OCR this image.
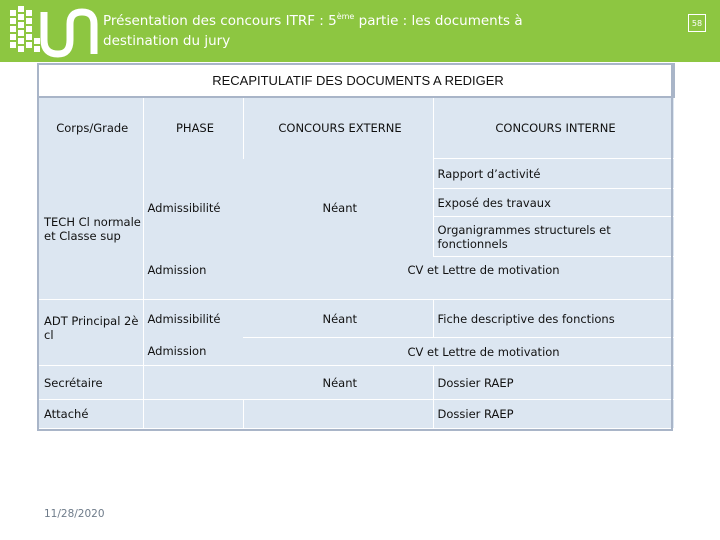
Présentation des concours ITRF : 5ème partie : les documents à destination du jury
58
RECAPITULATIF DES DOCUMENTS A REDIGER			
Corps/Grade	PHASE	CONCOURS EXTERNE	CONCOURS INTERNE
TECH Cl normale et Classe sup	Admissibilité	Néant	Rapport d’activité
			Exposé des travaux
			Organigrammes structurels et fonctionnels
	Admission	CV et Lettre de motivation	
ADT Principal 2è cl	Admissibilité	Néant	Fiche descriptive des fonctions
	Admission	CV et Lettre de motivation	
Secrétaire		Néant	Dossier RAEP
Attaché			Dossier RAEP
11/28/2020
